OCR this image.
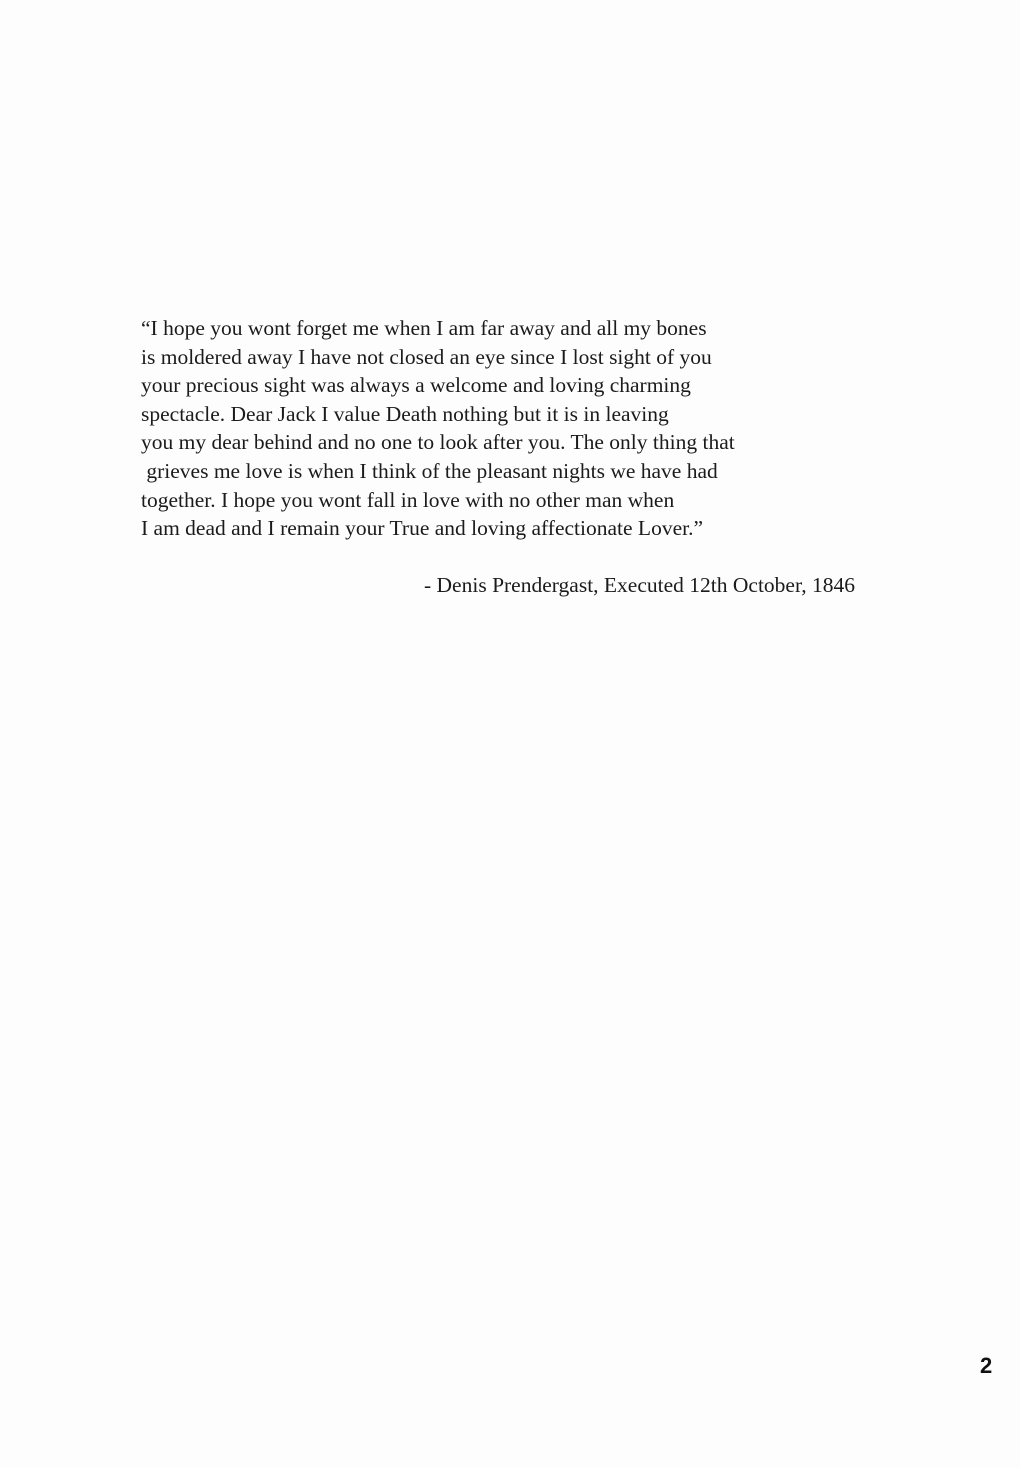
“I hope you wont forget me when I am far away and all my bones
is moldered away I have not closed an eye since I lost sight of you
your precious sight was always a welcome and loving charming
spectacle. Dear Jack I value Death nothing but it is in leaving
you my dear behind and no one to look after you. The only thing that
grieves me love is when I think of the pleasant nights we have had
together. I hope you wont fall in love with no other man when
I am dead and I remain your True and loving affectionate Lover.”
- Denis Prendergast, Executed 12th October, 1846
2
